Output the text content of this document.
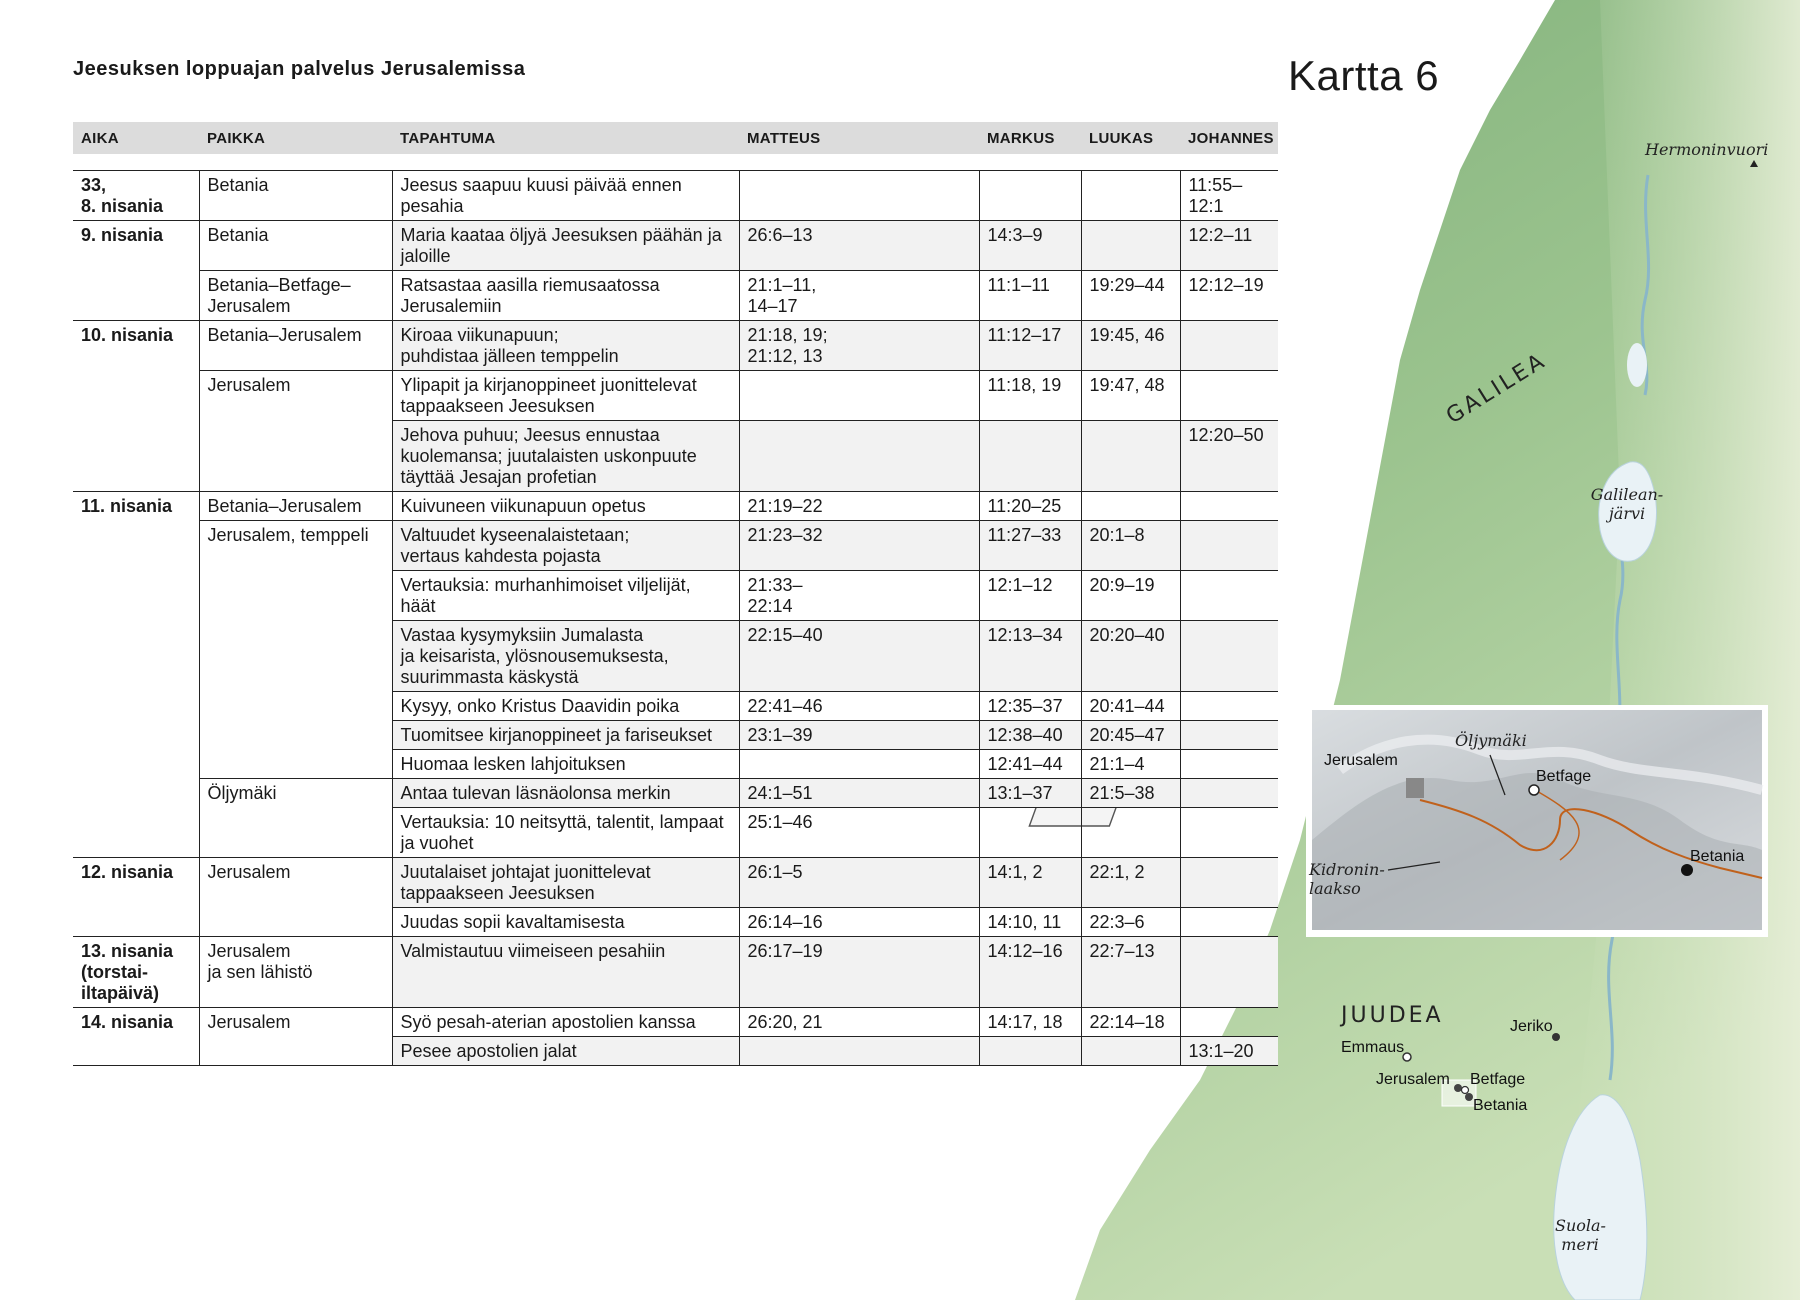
Hermoninvuori
GALILEA
Galilean-
järvi
JUUDEA	Jeriko
Emmaus
Jerusalem Betfage
Betania
Suola-
meri
Jerusalem
Öljymäki
Betfage
Kidronin-
laakso
Betania
Jeesuksen loppuajan palvelus Jerusalemissa	Kartta 6
AIKA	PAIKKA	TAPAHTUMA	MATTEUS	MARKUS	LUUKAS	JOHANNES

33,
8. nisania	Betania	Jeesus saapuu kuusi päivää ennen pesahia				11:55–
12:1
9. nisania	Betania	Maria kaataa öljyä Jeesuksen päähän ja jaloille	26:6–13	14:3–9		12:2–11
	Betania–Betfage–
Jerusalem	Ratsastaa aasilla riemusaatossa Jerusalemiin	21:1–11,
14–17	11:1–11	19:29–44	12:12–19
10. nisania	Betania–Jerusalem	Kiroaa viikunapuun;
puhdistaa jälleen temppelin	21:18, 19;
21:12, 13	11:12–17	19:45, 46	
	Jerusalem	Ylipapit ja kirjanoppineet juonittelevat tappaakseen Jeesuksen		11:18, 19	19:47, 48	
		Jehova puhuu; Jeesus ennustaa kuolemansa; juutalaisten uskonpuute täyttää Jesajan profetian				12:20–50
11. nisania	Betania–Jerusalem	Kuivuneen viikunapuun opetus	21:19–22	11:20–25		
	Jerusalem, temppeli	Valtuudet kyseenalaistetaan;
vertaus kahdesta pojasta	21:23–32	11:27–33	20:1–8	
		Vertauksia: murhanhimoiset viljelijät, häät	21:33–
22:14	12:1–12	20:9–19	
		Vastaa kysymyksiin Jumalasta
ja keisarista, ylösnousemuksesta,
suurimmasta käskystä	22:15–40	12:13–34	20:20–40	
		Kysyy, onko Kristus Daavidin poika	22:41–46	12:35–37	20:41–44	
		Tuomitsee kirjanoppineet ja fariseukset	23:1–39	12:38–40	20:45–47	
		Huomaa lesken lahjoituksen		12:41–44	21:1–4	
	Öljymäki	Antaa tulevan läsnäolonsa merkin	24:1–51	13:1–37	21:5–38	
		Vertauksia: 10 neitsyttä, talentit, lampaat ja vuohet	25:1–46			
12. nisania	Jerusalem	Juutalaiset johtajat juonittelevat tappaakseen Jeesuksen	26:1–5	14:1, 2	22:1, 2	
		Juudas sopii kavaltamisesta	26:14–16	14:10, 11	22:3–6	
13. nisania
(torstai-
iltapäivä)	Jerusalem
ja sen lähistö	Valmistautuu viimeiseen pesahiin	26:17–19	14:12–16	22:7–13	
14. nisania	Jerusalem	Syö pesah-aterian apostolien kanssa	26:20, 21	14:17, 18	22:14–18	
		Pesee apostolien jalat				13:1–20
